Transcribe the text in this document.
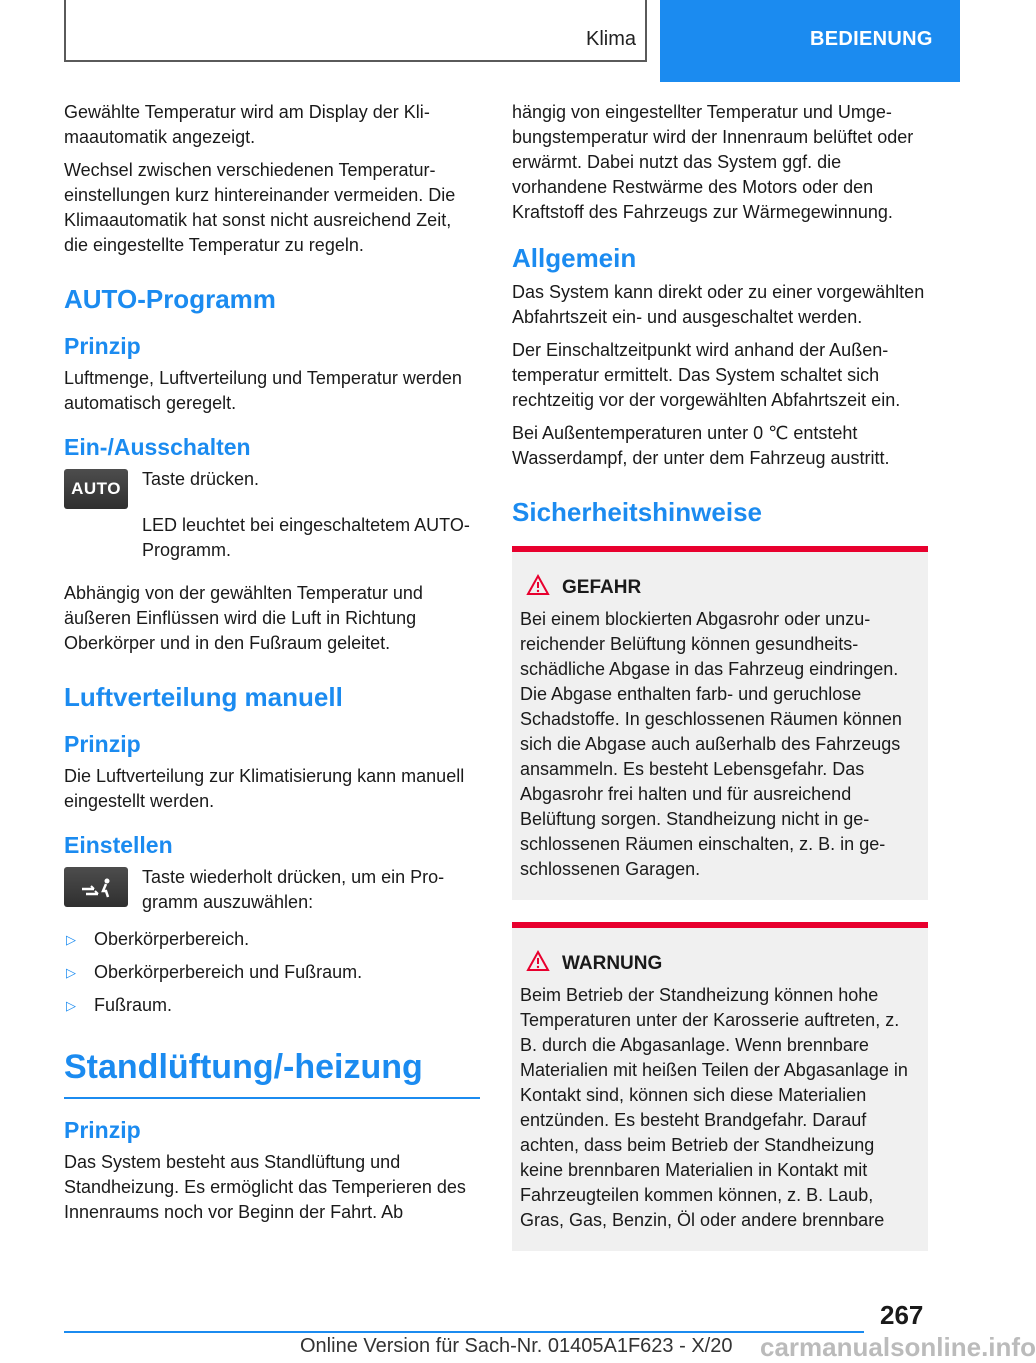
Klima	BEDIENUNG

Gewählte Temperatur wird am Display der Klimaautomatik angezeigt.

Wechsel zwischen verschiedenen Temperatureinstellungen kurz hintereinander vermeiden. Die Klimaautomatik hat sonst nicht ausreichend Zeit, die eingestellte Temperatur zu regeln.

AUTO-Programm
Prinzip

Luftmenge, Luftverteilung und Temperatur werden automatisch geregelt.

Ein-/Ausschalten
AUTO Taste drücken.

LED leuchtet bei eingeschaltetem AUTO-Programm.

Abhängig von der gewählten Temperatur und äußeren Einflüssen wird die Luft in Richtung Oberkörper und in den Fußraum geleitet.

Luftverteilung manuell
Prinzip

Die Luftverteilung zur Klimatisierung kann manuell eingestellt werden.

Einstellen

Taste wiederholt drücken, um ein Programm auszuwählen:

▷ Oberkörperbereich.
▷ Oberkörperbereich und Fußraum.
▷ Fußraum.
Standlüftung/-heizung
Prinzip

Das System besteht aus Standlüftung und Standheizung. Es ermöglicht das Temperieren des Innenraums noch vor Beginn der Fahrt. Ab

hängig von eingestellter Temperatur und Umgebungstemperatur wird der Innenraum belüftet oder erwärmt. Dabei nutzt das System ggf. die vorhandene Restwärme des Motors oder den Kraftstoff des Fahrzeugs zur Wärmegewinnung.

Allgemein

Das System kann direkt oder zu einer vorgewählten Abfahrtszeit ein- und ausgeschaltet werden.

Der Einschaltzeitpunkt wird anhand der Außentemperatur ermittelt. Das System schaltet sich rechtzeitig vor der vorgewählten Abfahrtszeit ein.

Bei Außentemperaturen unter 0 ℃ entsteht Wasserdampf, der unter dem Fahrzeug austritt.

Sicherheitshinweise
GEFAHR

Bei einem blockierten Abgasrohr oder unzureichender Belüftung können gesundheitsschädliche Abgase in das Fahrzeug eindringen. Die Abgase enthalten farb- und geruchlose Schadstoffe. In geschlossenen Räumen können sich die Abgase auch außerhalb des Fahrzeugs ansammeln. Es besteht Lebensgefahr. Das Abgasrohr frei halten und für ausreichend Belüftung sorgen. Standheizung nicht in geschlossenen Räumen einschalten, z. B. in geschlossenen Garagen.

WARNUNG

Beim Betrieb der Standheizung können hohe Temperaturen unter der Karosserie auftreten, z. B. durch die Abgasanlage. Wenn brennbare Materialien mit heißen Teilen der Abgasanlage in Kontakt sind, können sich diese Materialien entzünden. Es besteht Brandgefahr. Darauf achten, dass beim Betrieb der Standheizung keine brennbaren Materialien in Kontakt mit Fahrzeugteilen kommen können, z. B. Laub, Gras, Gas, Benzin, Öl oder andere brennbare

267
Online Version für Sach-Nr. 01405A1F623 - X/20 carmanualsonline.info
